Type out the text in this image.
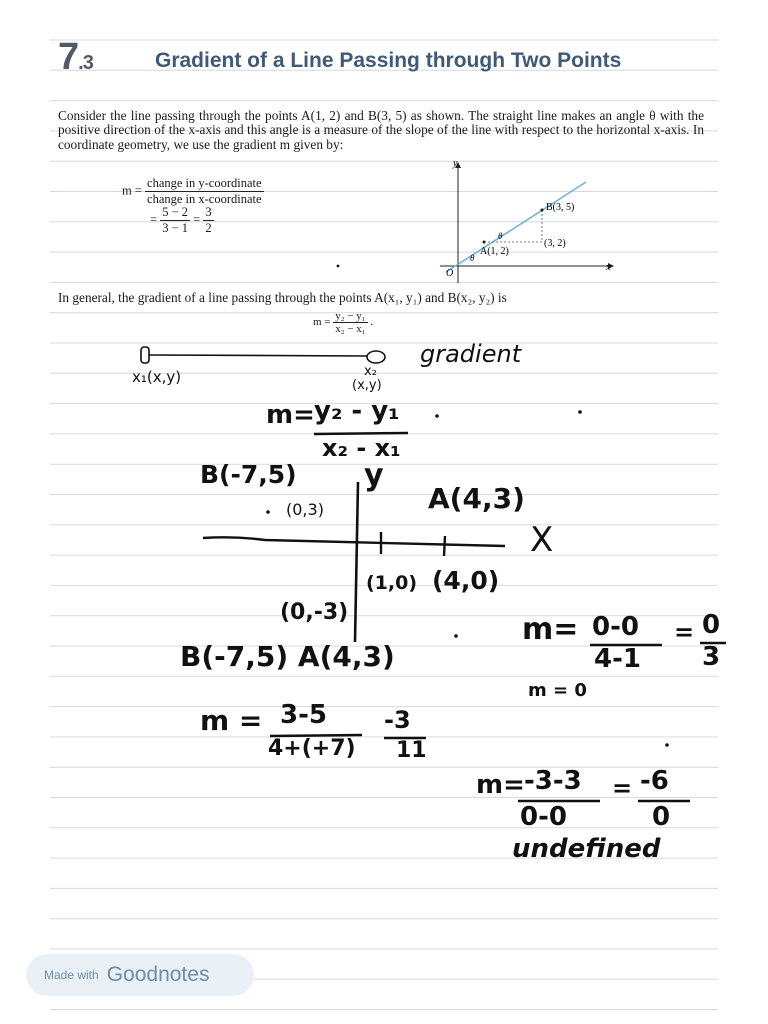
7.3	Gradient of a Line Passing through Two Points
Consider the line passing through the points A(1, 2) and B(3, 5) as shown. The straight line makes an angle θ with the positive direction of the x-axis and this angle is a measure of the slope of the line with respect to the horizontal x-axis. In coordinate geometry, we use the gradient m given by:
$m = \frac{\text{change in y-coordinate}}{\text{change in x-coordinate}}$
= $\frac{5 - 2}{3 - 1} = \frac{3}{2}$
y
x
O
B(3, 5)
(3, 2)
A(1, 2)
θ
θ
In general, the gradient of a line passing through the points A(x₁, y₁) and B(x₂, y₂) is
$m = \frac{\text{y₂ − y₁}}{\text{x₂ − x₁}}$ .
x₁(x,y)	x₂
(x,y)
gradient
m= y₂ - y₁
x₂ - x₁
B(-7,5) y
(0,3)	A(4,3)
X
(1,0) (4,0)
(0,-3)
B(-7,5) A(4,3)
m = 3-5
4+(+7)
-3
11
m= 0-0
4-1
= 0
3
m = 0
m= -3-3
0-0
= -6
0
undefined
Made with Goodnotes
